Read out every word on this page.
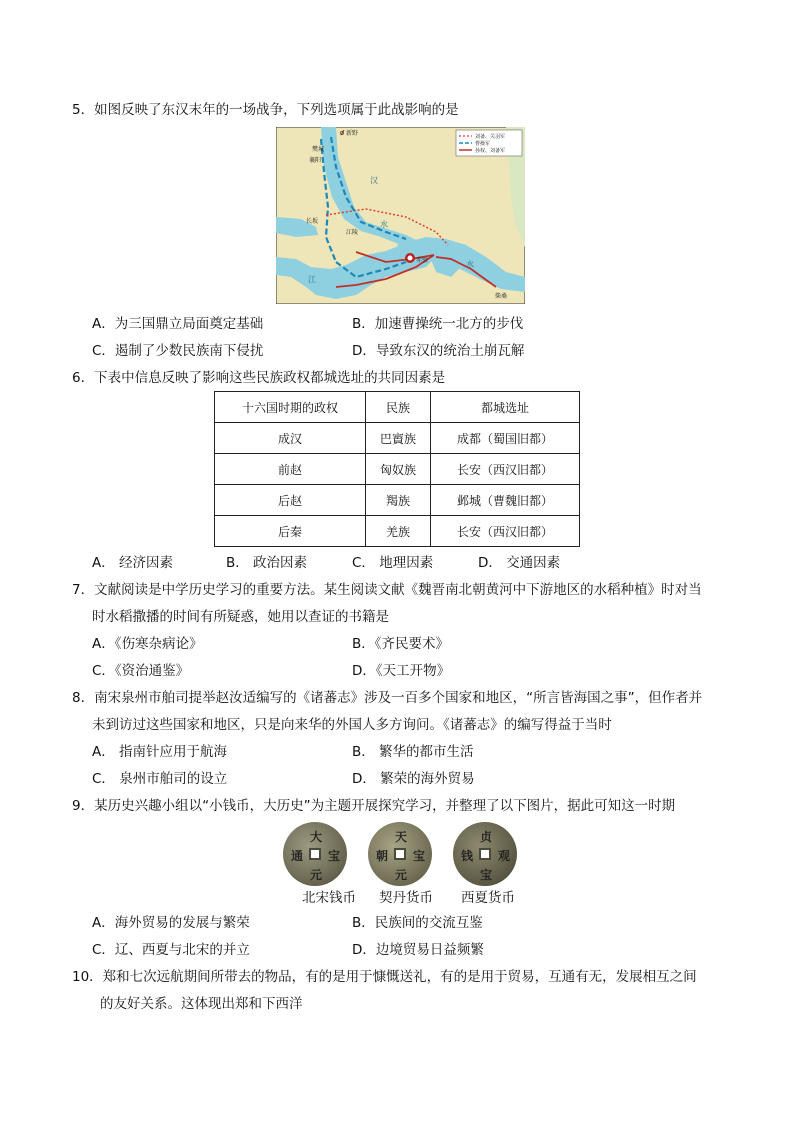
5．如图反映了东汉末年的一场战争，下列选项属于此战影响的是
刘备、关羽军
曹操军
孙权、刘备军
新野
樊城
襄阳
长坂
江陵
赤壁
汉
水
江
水
柴桑
A．为三国鼎立局面奠定基础	B．加速曹操统一北方的步伐
C．遏制了少数民族南下侵扰	D．导致东汉的统治土崩瓦解
6．下表中信息反映了影响这些民族政权都城选址的共同因素是
十六国时期的政权	民族	都城选址
成汉	巴賨族	成都（蜀国旧都）
前赵	匈奴族	长安（西汉旧都）
后赵	羯族	邺城（曹魏旧都）
后秦	羌族	长安（西汉旧都）
A． 经济因素	B． 政治因素	C． 地理因素	D． 交通因素
7．文献阅读是中学历史学习的重要方法。某生阅读文献《魏晋南北朝黄河中下游地区的水稻种植》时对当
时水稻撒播的时间有所疑惑，她用以查证的书籍是
A．《伤寒杂病论》	B．《齐民要术》
C．《资治通鉴》	D．《天工开物》
8．南宋泉州市舶司提举赵汝适编写的《诸蕃志》涉及一百多个国家和地区，“所言皆海国之事”，但作者并
未到访过这些国家和地区，只是向来华的外国人多方询问。《诸蕃志》的编写得益于当时
A． 指南针应用于航海	B． 繁华的都市生活
C． 泉州市舶司的设立	D． 繁荣的海外贸易
9．某历史兴趣小组以“小钱币，大历史”为主题开展探究学习，并整理了以下图片，据此可知这一时期
大
元
宝
通
天
元
宝
朝
贞
宝
观
钱
北宋钱币	契丹货币	西夏货币
A．海外贸易的发展与繁荣	B．民族间的交流互鉴
C．辽、西夏与北宋的并立	D．边境贸易日益频繁
10．郑和七次远航期间所带去的物品，有的是用于慷慨送礼，有的是用于贸易，互通有无，发展相互之间
的友好关系。这体现出郑和下西洋
